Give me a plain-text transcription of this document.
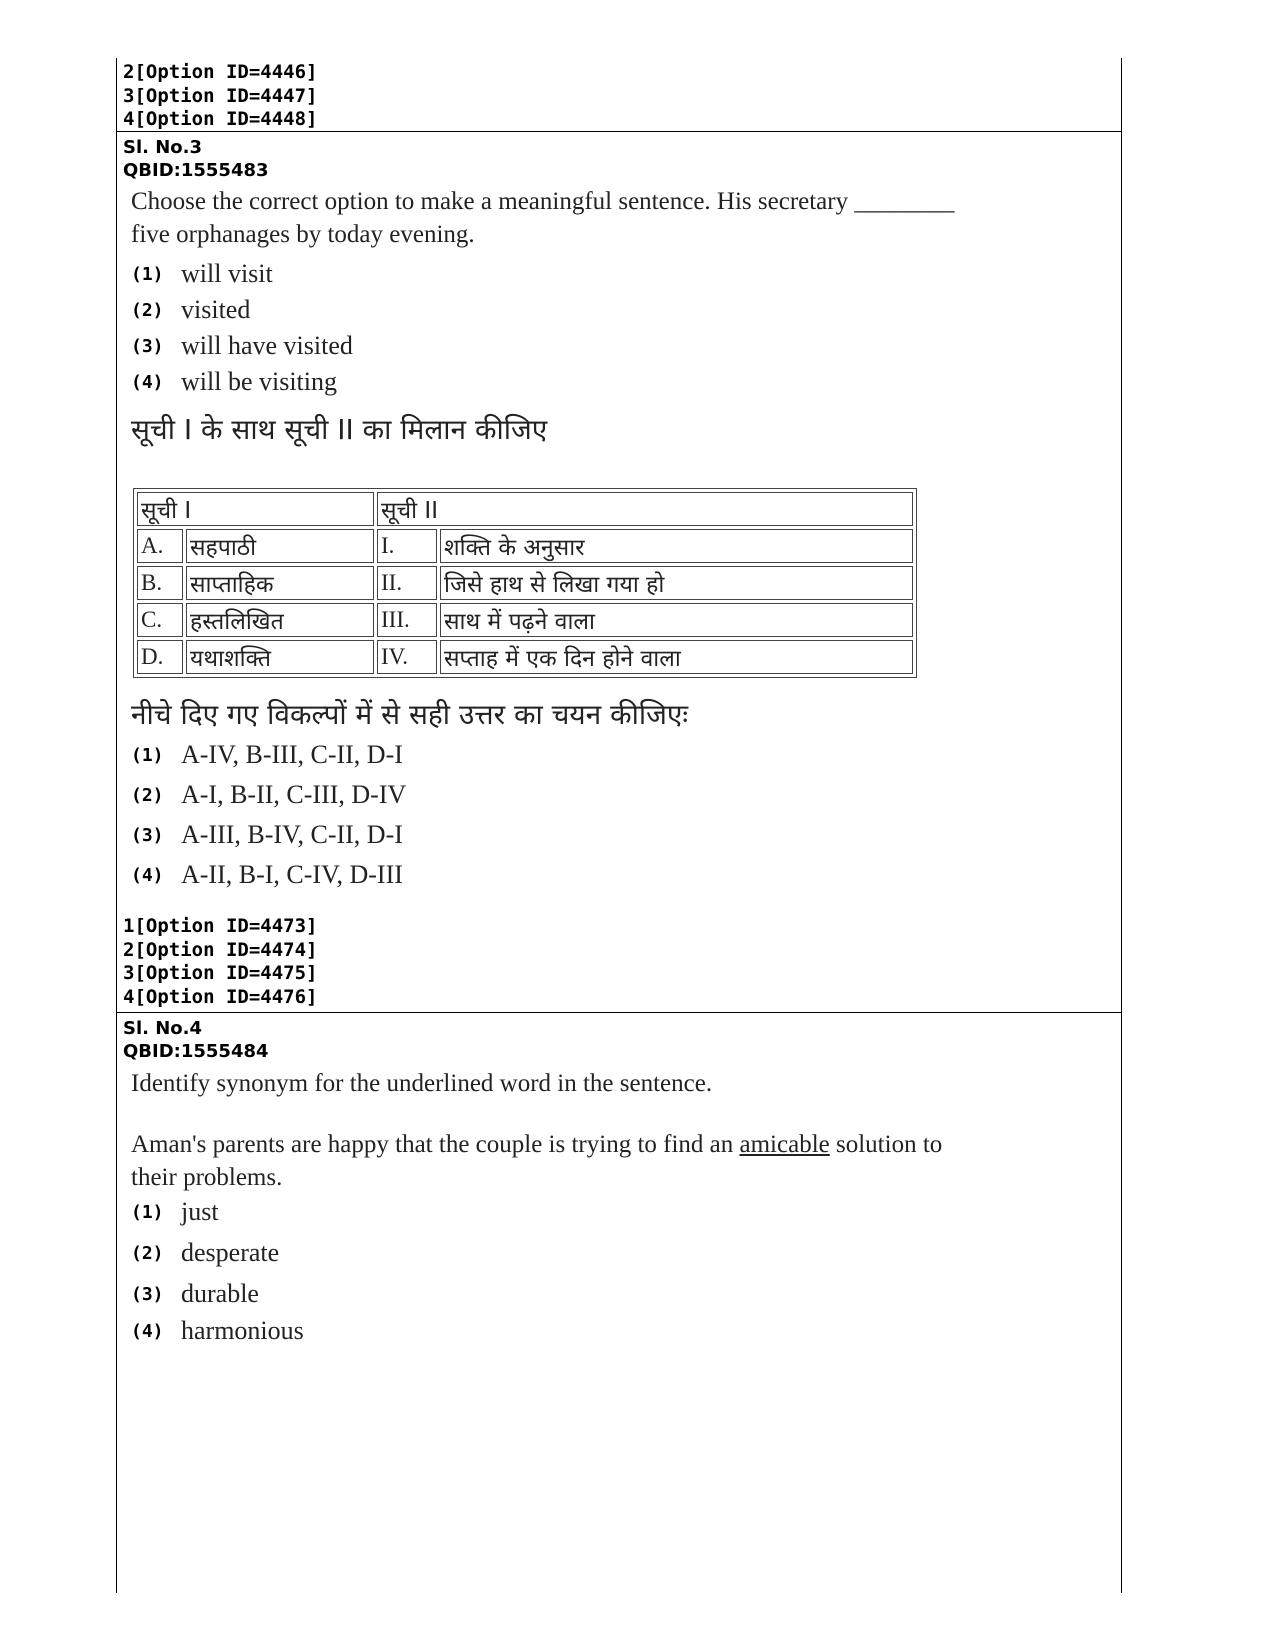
2[Option ID=4446]
3[Option ID=4447]
4[Option ID=4448]
Sl. No.3
QBID:1555483
Choose the correct option to make a meaningful sentence. His secretary ________
five orphanages by today evening.
(1) will visit
(2) visited
(3) will have visited
(4) will be visiting
सूची I के साथ सूची II का मिलान कीजिए
सूची I		सूची II	
A.	सहपाठी	I.	शक्ति के अनुसार
B.	साप्ताहिक	II.	जिसे हाथ से लिखा गया हो
C.	हस्तलिखित	III.	साथ में पढ़ने वाला
D.	यथाशक्ति	IV.	सप्ताह में एक दिन होने वाला
नीचे दिए गए विकल्पों में से सही उत्तर का चयन कीजिएः
(1) A-IV, B-III, C-II, D-I
(2) A-I, B-II, C-III, D-IV
(3) A-III, B-IV, C-II, D-I
(4) A-II, B-I, C-IV, D-III
1[Option ID=4473]
2[Option ID=4474]
3[Option ID=4475]
4[Option ID=4476]
Sl. No.4
QBID:1555484
Identify synonym for the underlined word in the sentence.
Aman's parents are happy that the couple is trying to find an amicable solution to
their problems.
(1) just
(2) desperate
(3) durable
(4) harmonious
